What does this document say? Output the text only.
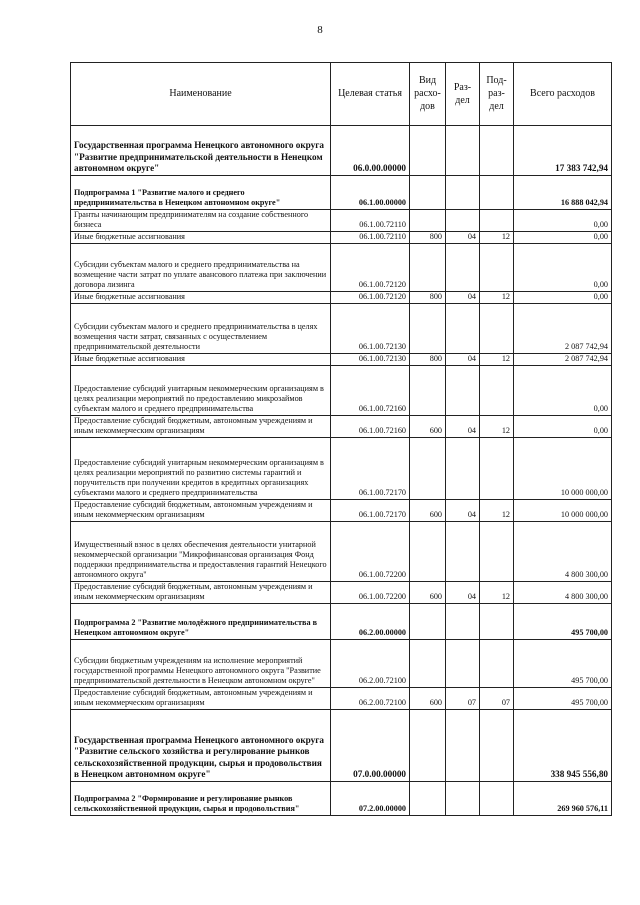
8
Наименование	Целевая статья	Вид расхо-дов	Раз-дел	Под-раз-дел	Всего расходов
Государственная программа Ненецкого автономного округа "Развитие предпринимательской деятельности в Ненецком автономном округе"	06.0.00.00000				17 383 742,94
Подпрограмма 1 "Развитие малого и среднего предпринимательства в Ненецком автономном округе"	06.1.00.00000				16 888 042,94
Гранты начинающим предпринимателям на создание собственного бизнеса	06.1.00.72110				0,00
Иные бюджетные ассигнования	06.1.00.72110	800	04	12	0,00
Субсидии субъектам малого и среднего предпринимательства на возмещение части затрат по уплате авансового платежа при заключении договора лизинга	06.1.00.72120				0,00
Иные бюджетные ассигнования	06.1.00.72120	800	04	12	0,00
Субсидии субъектам малого и среднего предпринимательства в целях возмещения части затрат, связанных с осуществлением предпринимательской деятельности	06.1.00.72130				2 087 742,94
Иные бюджетные ассигнования	06.1.00.72130	800	04	12	2 087 742,94
Предоставление субсидий унитарным некоммерческим организациям в целях реализации мероприятий по предоставлению микрозаймов субъектам малого и среднего предпринимательства	06.1.00.72160				0,00
Предоставление субсидий бюджетным, автономным учреждениям и иным некоммерческим организациям	06.1.00.72160	600	04	12	0,00
Предоставление субсидий унитарным некоммерческим организациям в целях реализации мероприятий по развитию системы гарантий и поручительств при получении кредитов в кредитных организациях субъектами малого и среднего предпринимательства	06.1.00.72170				10 000 000,00
Предоставление субсидий бюджетным, автономным учреждениям и иным некоммерческим организациям	06.1.00.72170	600	04	12	10 000 000,00
Имущественный взнос в целях обеспечения деятельности унитарной некоммерческой организации "Микрофинансовая организация Фонд поддержки предпринимательства и предоставления гарантий Ненецкого автономного округа"	06.1.00.72200				4 800 300,00
Предоставление субсидий бюджетным, автономным учреждениям и иным некоммерческим организациям	06.1.00.72200	600	04	12	4 800 300,00
Подпрограмма 2 "Развитие молодёжного предпринимательства в Ненецком автономном округе"	06.2.00.00000				495 700,00
Субсидии бюджетным учреждениям на исполнение мероприятий государственной программы Ненецкого автономного округа "Развитие предпринимательской деятельности в Ненецком автономном округе"	06.2.00.72100				495 700,00
Предоставление субсидий бюджетным, автономным учреждениям и иным некоммерческим организациям	06.2.00.72100	600	07	07	495 700,00
Государственная программа Ненецкого автономного округа "Развитие сельского хозяйства и регулирование рынков сельскохозяйственной продукции, сырья и продовольствия в Ненецком автономном округе"	07.0.00.00000				338 945 556,80
Подпрограмма 2 "Формирование и регулирование рынков сельскохозяйственной продукции, сырья и продовольствия"	07.2.00.00000				269 960 576,11
